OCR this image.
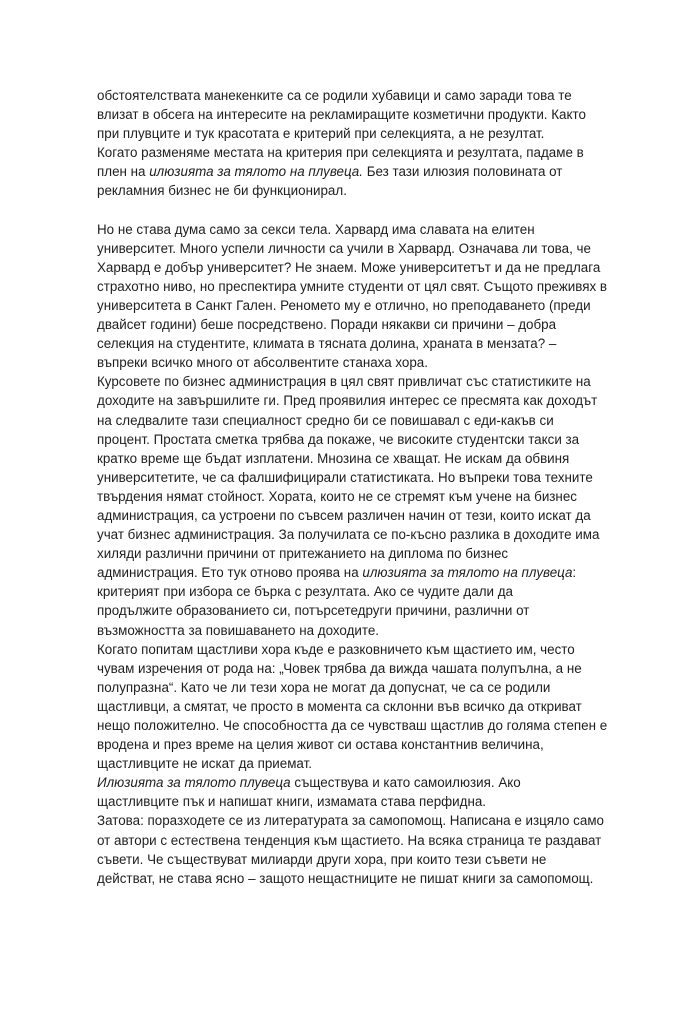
обстоятелствата манекенките са се родили хубавици и само заради това те
влизат в обсега на интересите на рекламиращите козметични продукти. Както
при плувците и тук красотата е критерий при селекцията, а не резултат.
Когато разменяме местата на критерия при селекцията и резултата, падаме в
плен на илюзията за тялото на плувеца. Без тази илюзия половината от
рекламния бизнес не би функционирал.

Но не става дума само за секси тела. Харвард има славата на елитен
университет. Много успели личности са учили в Харвард. Означава ли това, че
Харвард е добър университет? Не знаем. Може университетът и да не предлага
страхотно ниво, но преспектира умните студенти от цял свят. Същото преживях в
университета в Санкт Гален. Реномето му е отлично, но преподаването (преди
двайсет години) беше посредствено. Поради някакви си причини – добра
селекция на студентите, климата в тясната долина, храната в мензата? –
въпреки всичко много от абсолвентите станаха хора.

Курсовете по бизнес администрация в цял свят привличат със статистиките на
доходите на завършилите ги. Пред проявилия интерес се пресмята как доходът
на следвалите тази специалност средно би се повишавал с еди-какъв си
процент. Простата сметка трябва да покаже, че високите студентски такси за
кратко време ще бъдат изплатени. Мнозина се хващат. Не искам да обвиня
университетите, че са фалшифицирали статистиката. Но въпреки това техните
твърдения нямат стойност. Хората, които не се стремят към учене на бизнес
администрация, са устроени по съвсем различен начин от тези, които искат да
учат бизнес администрация. За получилата се по-късно разлика в доходите има
хиляди различни причини от притежанието на диплома по бизнес
администрация. Ето тук отново проява на илюзията за тялото на плувеца:
критерият при избора се бърка с резултата. Ако се чудите дали да
продължите образованието си, потърсетедруги причини, различни от
възможността за повишаването на доходите.

Когато попитам щастливи хора къде е разковничето към щастието им, често
чувам изречения от рода на: „Човек трябва да вижда чашата полупълна, а не
полупразна“. Като че ли тези хора не могат да допуснат, че са се родили
щастливци, а смятат, че просто в момента са склонни във всичко да откриват
нещо положително. Че способността да се чувстваш щастлив до голяма степен е
вродена и през време на целия живот си остава константнив величина,
щастливците не искат да приемат.

Илюзията за тялото плувеца съществува и като самоилюзия. Ако
щастливците пък и напишат книги, измамата става перфидна.

Затова: поразходете се из литературата за самопомощ. Написана е изцяло само
от автори с естествена тенденция към щастието. На всяка страница те раздават
съвети. Че съществуват милиарди други хора, при които тези съвети не
действат, не става ясно – защото нещастниците не пишат книги за самопомощ.
